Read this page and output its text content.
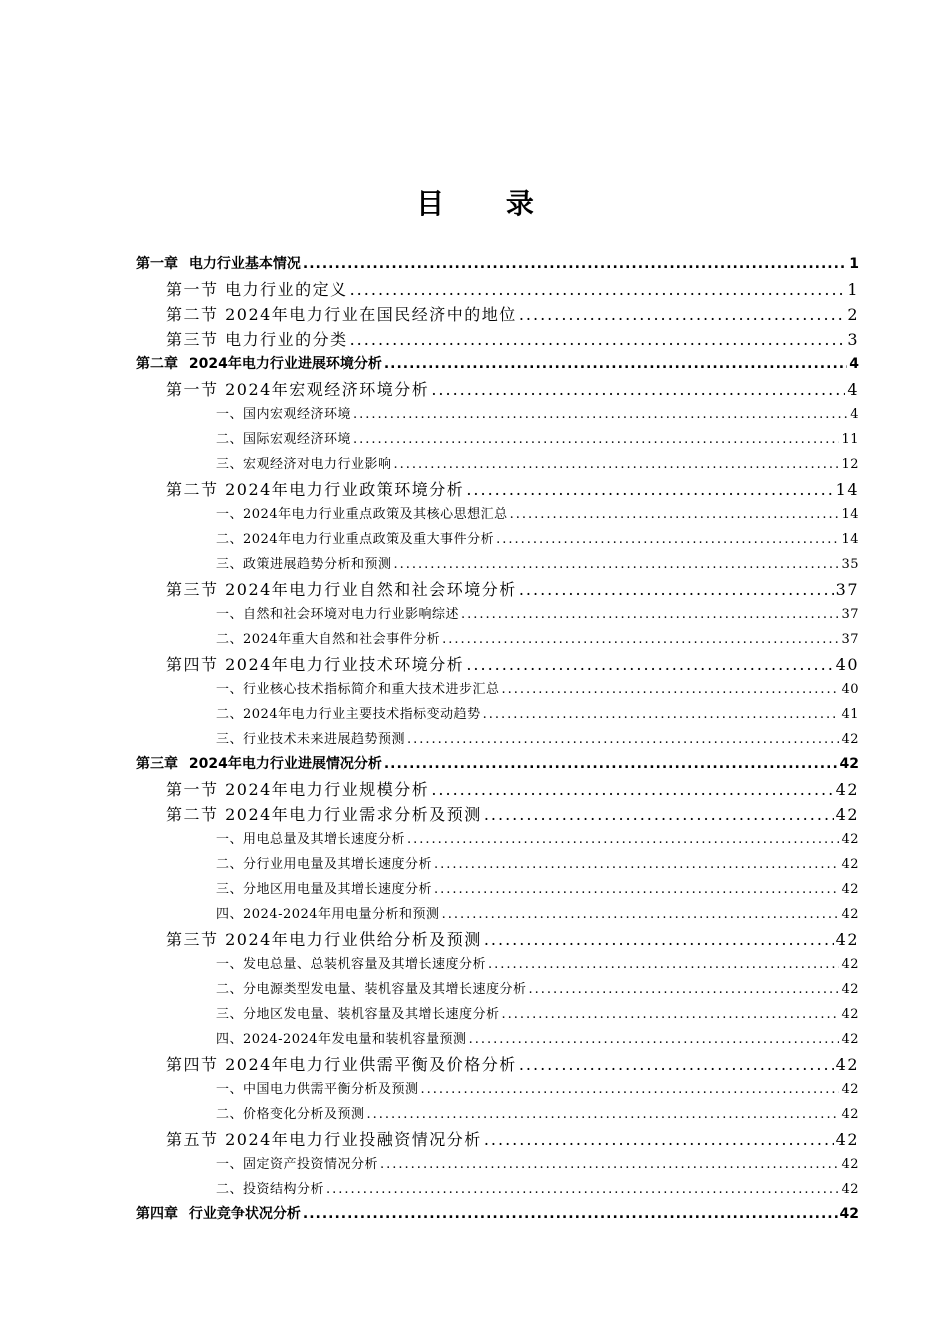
目 录
第一章 电力行业基本情况 .....	1
第一节 电力行业的定义 .....	1
第二节 2024年电力行业在国民经济中的地位 .....	2
第三节 电力行业的分类 .....	3
第二章 2024年电力行业进展环境分析 .....	4
第一节 2024年宏观经济环境分析 .....	4
一、国内宏观经济环境 .....	4
二、国际宏观经济环境 .....	11
三、宏观经济对电力行业影响 .....	12
第二节 2024年电力行业政策环境分析 .....	14
一、2024年电力行业重点政策及其核心思想汇总 .....	14
二、2024年电力行业重点政策及重大事件分析 .....	14
三、政策进展趋势分析和预测 .....	35
第三节 2024年电力行业自然和社会环境分析 .....	37
一、自然和社会环境对电力行业影响综述 .....	37
二、2024年重大自然和社会事件分析 .....	37
第四节 2024年电力行业技术环境分析 .....	40
一、行业核心技术指标简介和重大技术进步汇总 .....	40
二、2024年电力行业主要技术指标变动趋势 .....	41
三、行业技术未来进展趋势预测 .....	42
第三章 2024年电力行业进展情况分析 .....	42
第一节 2024年电力行业规模分析 .....	42
第二节 2024年电力行业需求分析及预测 .....	42
一、用电总量及其增长速度分析 .....	42
二、分行业用电量及其增长速度分析 .....	42
三、分地区用电量及其增长速度分析 .....	42
四、2024-2024年用电量分析和预测 .....	42
第三节 2024年电力行业供给分析及预测 .....	42
一、发电总量、总装机容量及其增长速度分析 .....	42
二、分电源类型发电量、装机容量及其增长速度分析 .....	42
三、分地区发电量、装机容量及其增长速度分析 .....	42
四、2024-2024年发电量和装机容量预测 .....	42
第四节 2024年电力行业供需平衡及价格分析 .....	42
一、中国电力供需平衡分析及预测 .....	42
二、价格变化分析及预测 .....	42
第五节 2024年电力行业投融资情况分析 .....	42
一、固定资产投资情况分析 .....	42
二、投资结构分析 .....	42
第四章 行业竞争状况分析 .....	42
